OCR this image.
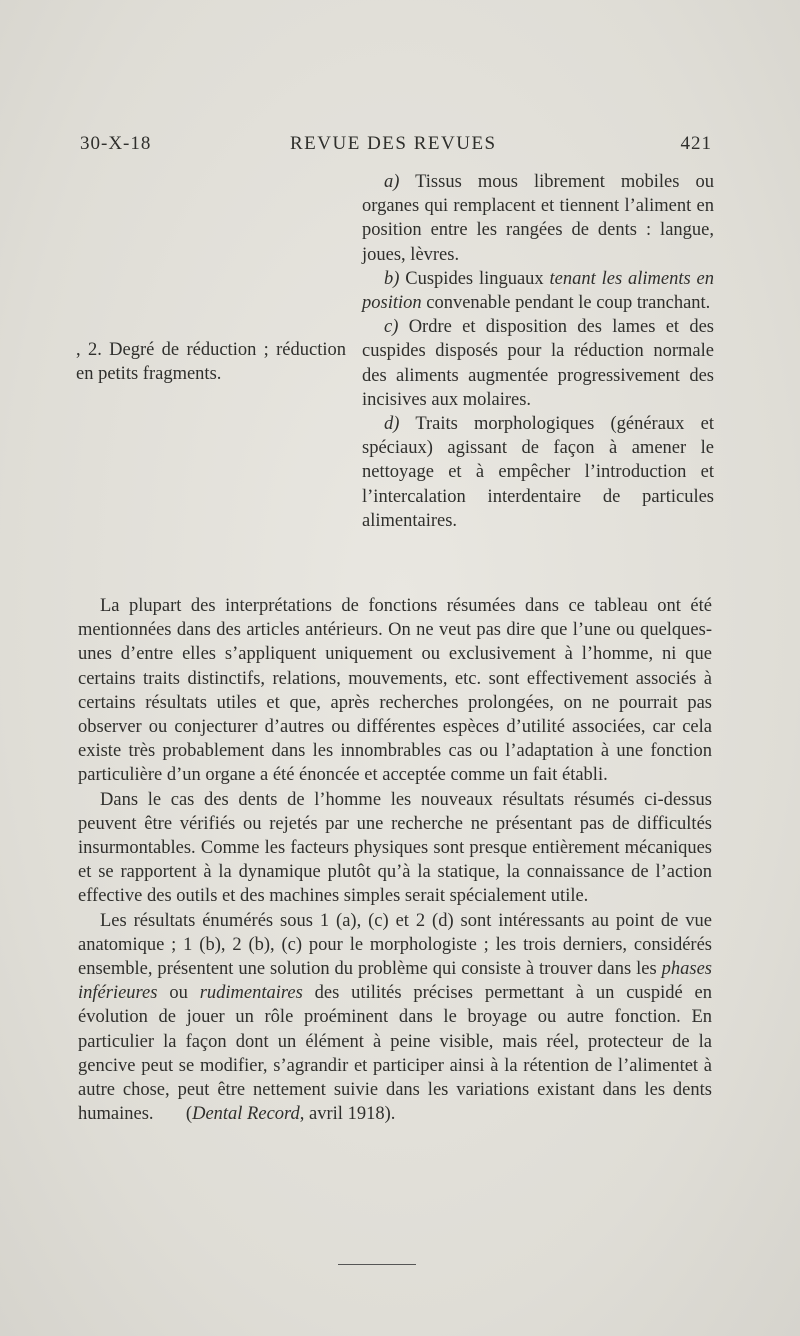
30-X-18	REVUE DES REVUES	421
, 2. Degré de réduction ; réduction en petits fragments.

a) Tissus mous librement mobiles ou organes qui remplacent et tiennent l’aliment en position entre les rangées de dents : langue, joues, lèvres.

b) Cuspides linguaux tenant les aliments en position convenable pendant le coup tranchant.

c) Ordre et disposition des lames et des cuspides disposés pour la réduction normale des aliments augmentée progressivement des incisives aux molaires.

d) Traits morphologiques (généraux et spéciaux) agissant de façon à amener le nettoyage et à empêcher l’introduction et l’intercalation interdentaire de particules alimentaires.

La plupart des interprétations de fonctions résumées dans ce tableau ont été mentionnées dans des articles antérieurs. On ne veut pas dire que l’une ou quelques-unes d’entre elles s’appliquent uniquement ou exclusivement à l’homme, ni que certains traits distinctifs, relations, mouvements, etc. sont effectivement associés à certains résultats utiles et que, après recherches prolongées, on ne pourrait pas observer ou conjecturer d’autres ou différentes espèces d’utilité associées, car cela existe très probablement dans les innombrables cas ou l’adaptation à une fonction particulière d’un organe a été énoncée et acceptée comme un fait établi.

Dans le cas des dents de l’homme les nouveaux résultats résumés ci-dessus peuvent être vérifiés ou rejetés par une recherche ne présentant pas de difficultés insurmontables. Comme les facteurs physiques sont presque entièrement mécaniques et se rapportent à la dynamique plutôt qu’à la statique, la connaissance de l’action effective des outils et des machines simples serait spécialement utile.

Les résultats énumérés sous 1 (a), (c) et 2 (d) sont intéressants au point de vue anatomique ; 1 (b), 2 (b), (c) pour le morphologiste ; les trois derniers, considérés ensemble, présentent une solution du problème qui consiste à trouver dans les phases inférieures ou rudimentaires des utilités précises permettant à un cuspidé en évolution de jouer un rôle proéminent dans le broyage ou autre fonction. En particulier la façon dont un élément à peine visible, mais réel, protecteur de la gencive peut se modifier, s’agrandir et participer ainsi à la rétention de l’alimentet à autre chose, peut être nettement suivie dans les variations existant dans les dents humaines. (Dental Record, avril 1918).
